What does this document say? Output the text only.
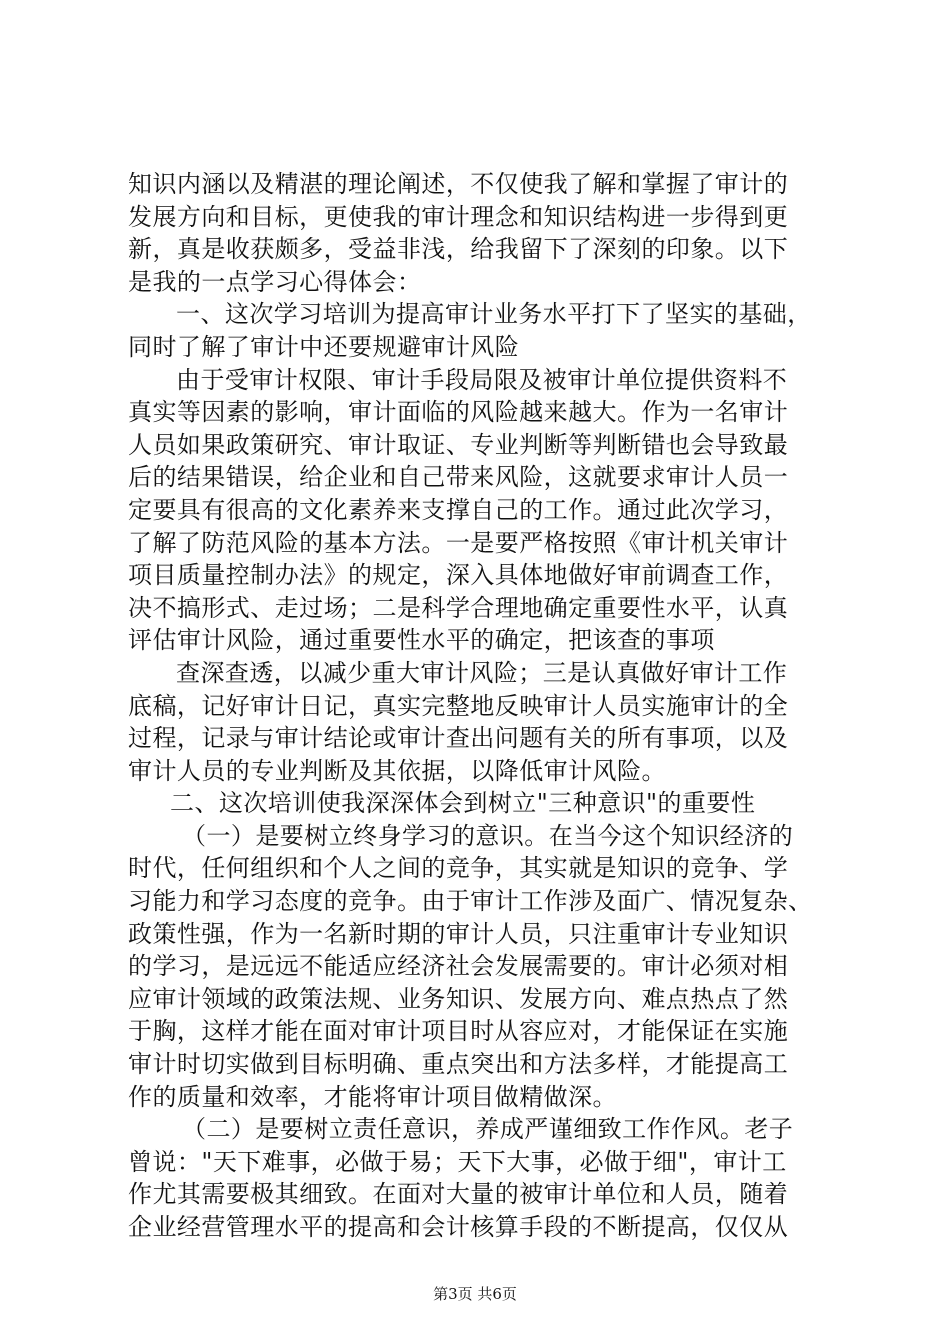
知识内涵以及精湛的理论阐述，不仅使我了解和掌握了审计的
发展方向和目标，更使我的审计理念和知识结构进一步得到更
新，真是收获颇多，受益非浅，给我留下了深刻的印象。以下
是我的一点学习心得体会：
一、这次学习培训为提高审计业务水平打下了坚实的基础，
同时了解了审计中还要规避审计风险
由于受审计权限、审计手段局限及被审计单位提供资料不
真实等因素的影响，审计面临的风险越来越大。作为一名审计
人员如果政策研究、审计取证、专业判断等判断错也会导致最
后的结果错误，给企业和自己带来风险，这就要求审计人员一
定要具有很高的文化素养来支撑自己的工作。通过此次学习，
了解了防范风险的基本方法。一是要严格按照《审计机关审计
项目质量控制办法》的规定，深入具体地做好审前调查工作，
决不搞形式、走过场；二是科学合理地确定重要性水平，认真
评估审计风险，通过重要性水平的确定，把该查的事项
查深查透，以减少重大审计风险；三是认真做好审计工作
底稿，记好审计日记，真实完整地反映审计人员实施审计的全
过程，记录与审计结论或审计查出问题有关的所有事项，以及
审计人员的专业判断及其依据，以降低审计风险。
二、这次培训使我深深体会到树立"三种意识"的重要性
（一）是要树立终身学习的意识。在当今这个知识经济的
时代，任何组织和个人之间的竞争，其实就是知识的竞争、学
习能力和学习态度的竞争。由于审计工作涉及面广、情况复杂、
政策性强，作为一名新时期的审计人员，只注重审计专业知识
的学习，是远远不能适应经济社会发展需要的。审计必须对相
应审计领域的政策法规、业务知识、发展方向、难点热点了然
于胸，这样才能在面对审计项目时从容应对，才能保证在实施
审计时切实做到目标明确、重点突出和方法多样，才能提高工
作的质量和效率，才能将审计项目做精做深。
（二）是要树立责任意识，养成严谨细致工作作风。老子
曾说："天下难事，必做于易；天下大事，必做于细"，审计工
作尤其需要极其细致。在面对大量的被审计单位和人员，随着
企业经营管理水平的提高和会计核算手段的不断提高，仅仅从
第3页 共6页
